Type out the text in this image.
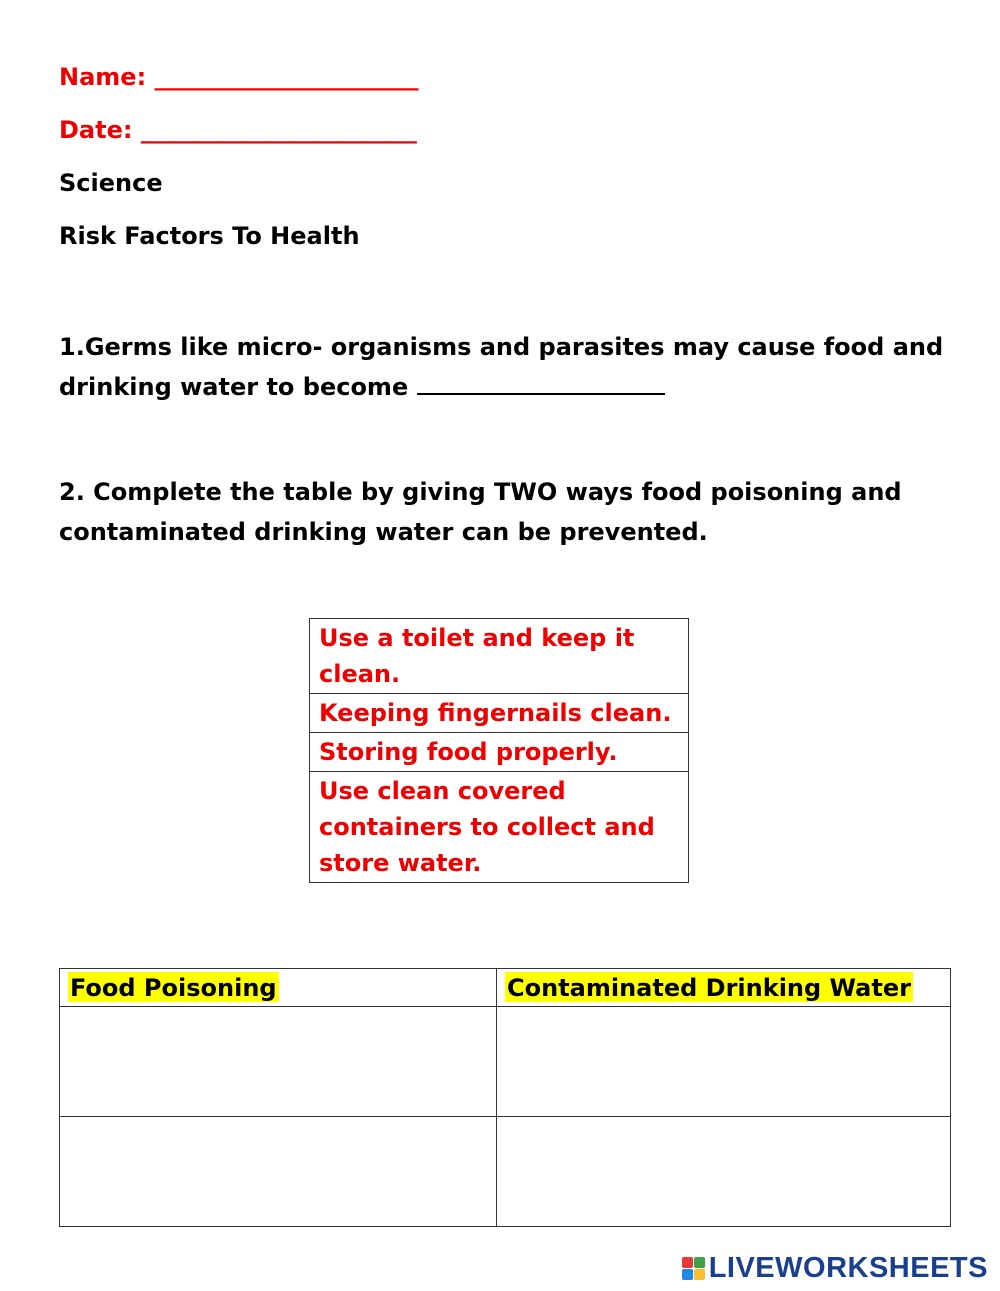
Name: ______________________
Date: _______________________
Science
Risk Factors To Health
1.Germs like micro- organisms and parasites may cause food and drinking water to become
2. Complete the table by giving TWO ways food poisoning and contaminated drinking water can be prevented.
Use a toilet and keep it clean.
Keeping fingernails clean.
Storing food properly.
Use clean covered containers to collect and store water.
Food Poisoning	Contaminated Drinking Water

LIVEWORKSHEETS
